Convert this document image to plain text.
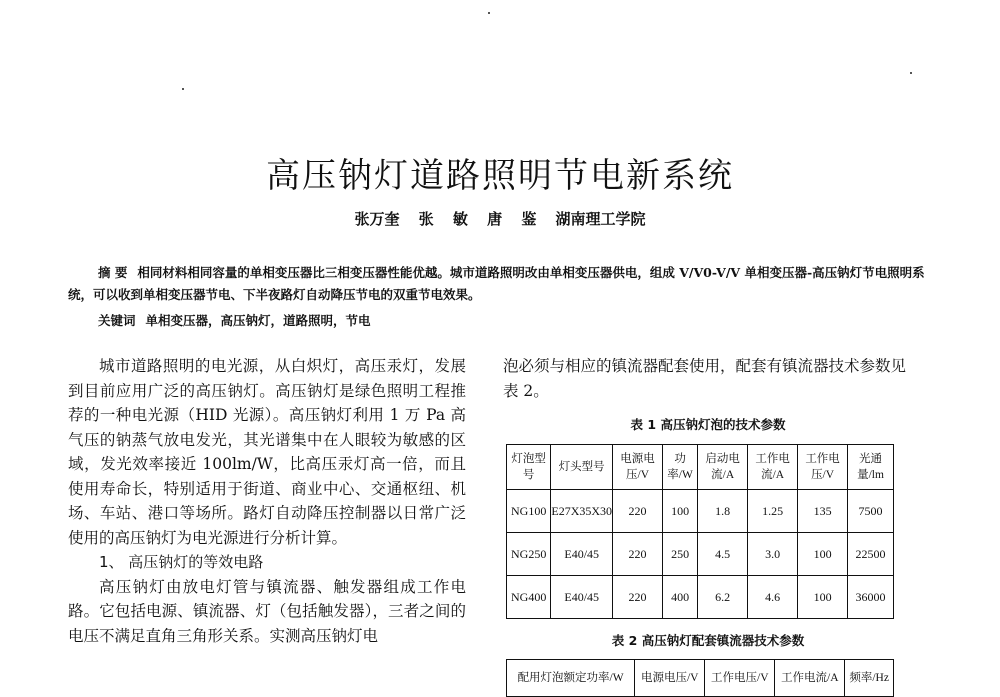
高压钠灯道路照明节电新系统
张万奎 张 敏 唐 鉴 湖南理工学院
摘 要 相同材料相同容量的单相变压器比三相变压器性能优越。城市道路照明改由单相变压器供电，组成 V/V0-V/V 单相变压器-高压钠灯节电照明系统，可以收到单相变压器节电、下半夜路灯自动降压节电的双重节电效果。
关键词 单相变压器，高压钠灯，道路照明，节电

城市道路照明的电光源，从白炽灯，高压汞灯，发展到目前应用广泛的高压钠灯。高压钠灯是绿色照明工程推荐的一种电光源（HID 光源）。高压钠灯利用 1 万 Pa 高气压的钠蒸气放电发光，其光谱集中在人眼较为敏感的区域，发光效率接近 100lm/W，比高压汞灯高一倍，而且使用寿命长，特别适用于街道、商业中心、交通枢纽、机场、车站、港口等场所。路灯自动降压控制器以日常广泛使用的高压钠灯为电光源进行分析计算。

1、 高压钠灯的等效电路

高压钠灯由放电灯管与镇流器、触发器组成工作电路。它包括电源、镇流器、灯（包括触发器），三者之间的电压不满足直角三角形关系。实测高压钠灯电

泡必须与相应的镇流器配套使用，配套有镇流器技术参数见表 2。

表 1 高压钠灯泡的技术参数
灯泡型号	灯头型号	电源电压/V	功率/W	启动电流/A	工作电流/A	工作电压/V	光通量/lm
NG100	E27X35X30	220	100	1.8	1.25	135	7500
NG250	E40/45	220	250	4.5	3.0	100	22500
NG400	E40/45	220	400	6.2	4.6	100	36000
表 2 高压钠灯配套镇流器技术参数
配用灯泡额定功率/W	电源电压/V	工作电压/V	工作电流/A	频率/Hz
